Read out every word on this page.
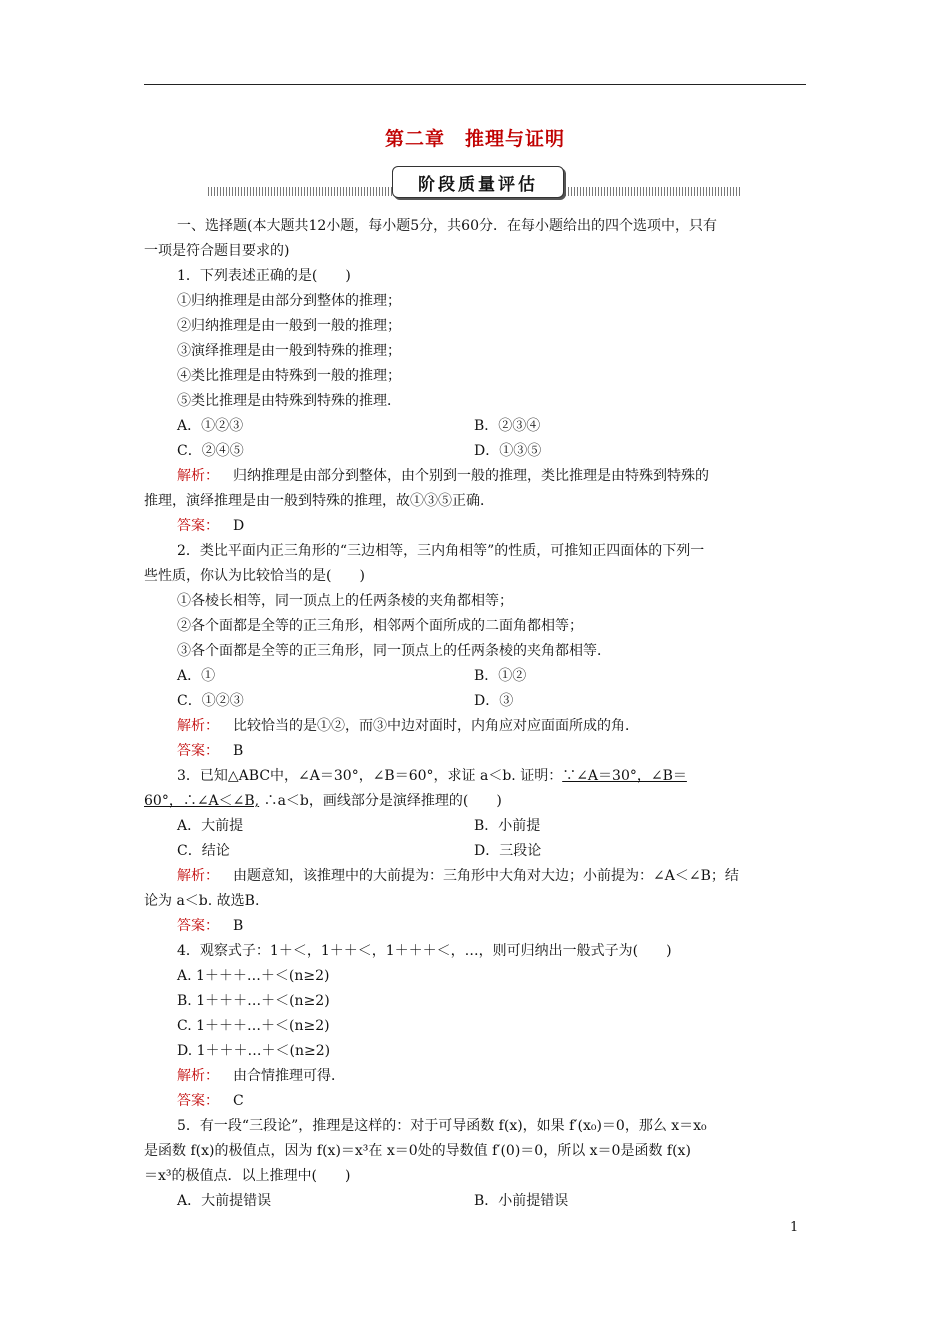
第二章　推理与证明
阶段质量评估

一、选择题(本大题共12小题，每小题5分，共60分．在每小题给出的四个选项中，只有

一项是符合题目要求的)

1．下列表述正确的是(　　)

①归纳推理是由部分到整体的推理；

②归纳推理是由一般到一般的推理；

③演绎推理是由一般到特殊的推理；

④类比推理是由特殊到一般的推理；

⑤类比推理是由特殊到特殊的推理．

A．①②③	B．②③④
C．②④⑤	D．①③⑤

解析： 归纳推理是由部分到整体，由个别到一般的推理，类比推理是由特殊到特殊的

推理，演绎推理是由一般到特殊的推理，故①③⑤正确．

答案： D

2．类比平面内正三角形的“三边相等，三内角相等”的性质，可推知正四面体的下列一

些性质，你认为比较恰当的是(　　)

①各棱长相等，同一顶点上的任两条棱的夹角都相等；

②各个面都是全等的正三角形，相邻两个面所成的二面角都相等；

③各个面都是全等的正三角形，同一顶点上的任两条棱的夹角都相等．

A．①	B．①②
C．①②③	D．③

解析： 比较恰当的是①②，而③中边对面时，内角应对应面面所成的角．

答案： B

3．已知△ABC中，∠A＝30°，∠B＝60°，求证 a＜b. 证明：∵∠A＝30°，∠B＝

60°，∴∠A＜∠B, ∴a＜b，画线部分是演绎推理的(　　)

A．大前提	B．小前提
C．结论	D．三段论

解析： 由题意知，该推理中的大前提为：三角形中大角对大边；小前提为：∠A＜∠B；结

论为 a＜b. 故选B.

答案： B

4．观察式子：1＋＜，1＋＋＜，1＋＋＋＜，…，则可归纳出一般式子为(　　)

A. 1＋＋＋…＋＜(n≥2)

B. 1＋＋＋…＋＜(n≥2)

C. 1＋＋＋…＋＜(n≥2)

D. 1＋＋＋…＋＜(n≥2)

解析： 由合情推理可得．

答案： C

5．有一段“三段论”，推理是这样的：对于可导函数 f(x)，如果 f′(x₀)＝0，那么 x＝x₀

是函数 f(x)的极值点，因为 f(x)＝x³在 x＝0处的导数值 f′(0)＝0，所以 x＝0是函数 f(x)

＝x³的极值点．以上推理中(　　)

A．大前提错误	B．小前提错误
1
